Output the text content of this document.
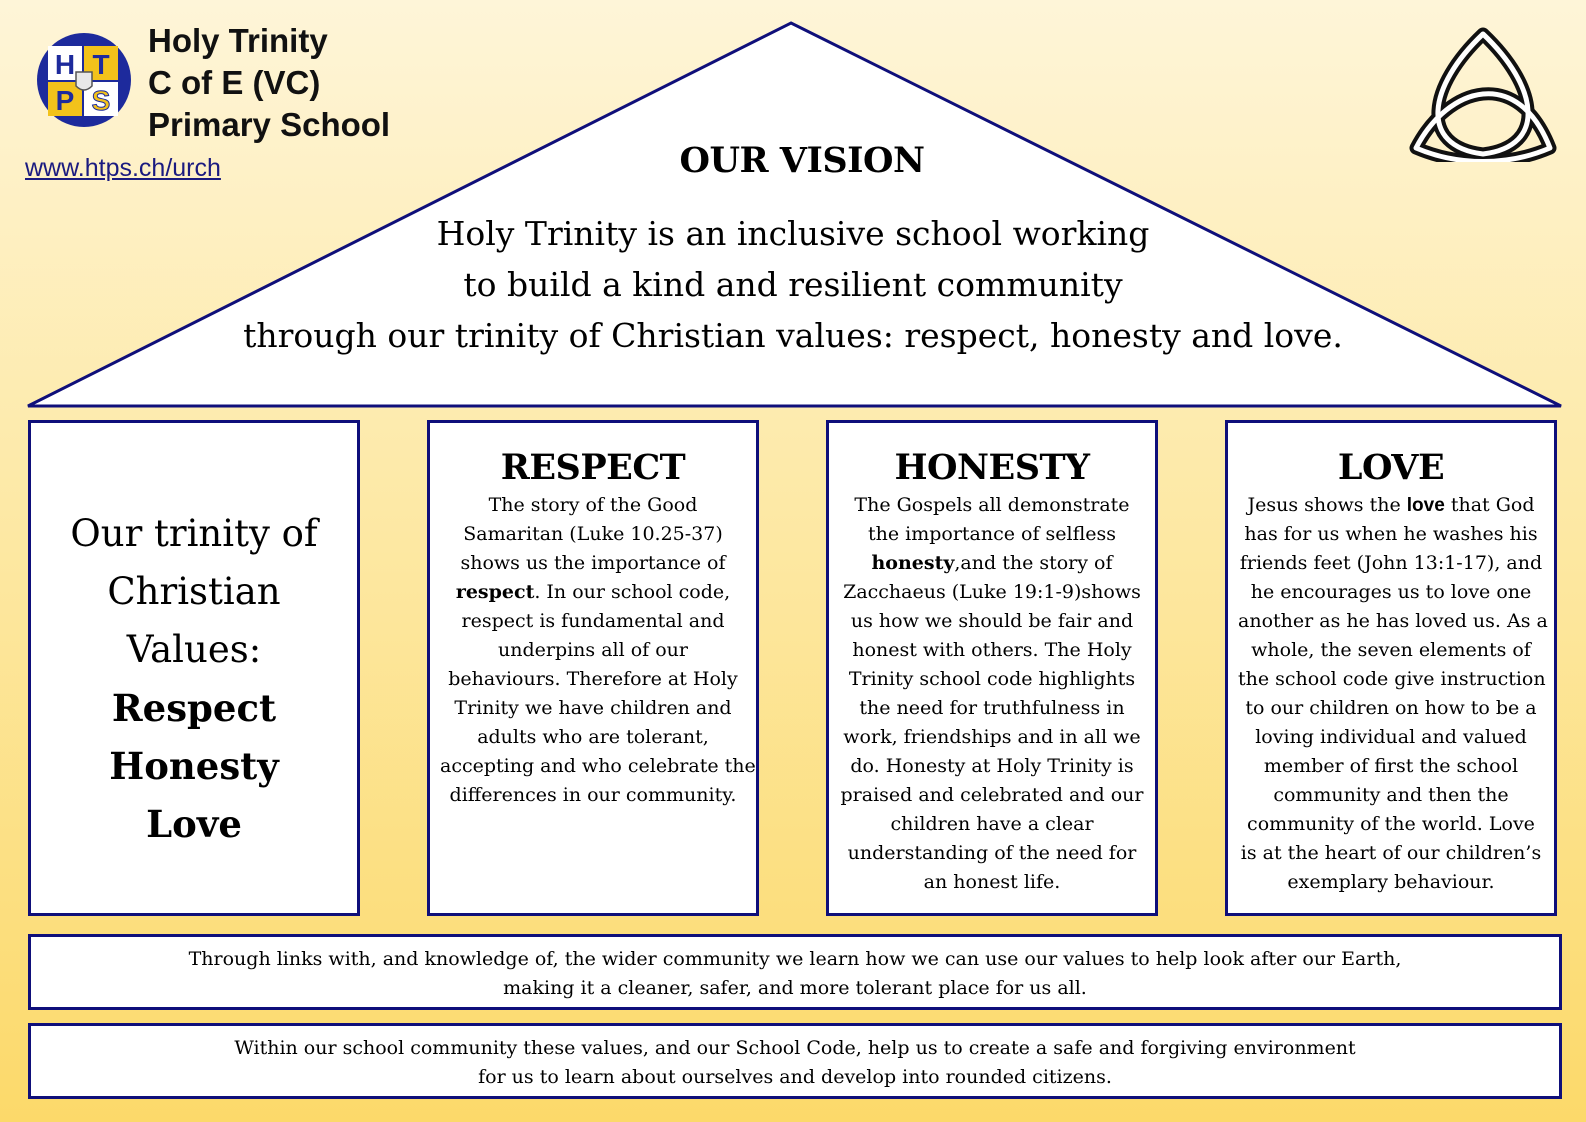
H T
P S
Holy Trinity
C of E (VC)
Primary School
www.htps.ch/urch	OUR VISION
Holy Trinity is an inclusive school working
to build a kind and resilient community
through our trinity of Christian values: respect, honesty and love.
Our trinity of
Christian
Values:
Respect
Honesty
Love
RESPECT
The story of the Good
Samaritan (Luke 10.25-37)
shows us the importance of
respect. In our school code,
respect is fundamental and
underpins all of our
behaviours. Therefore at Holy
Trinity we have children and
adults who are tolerant,
accepting and who celebrate the
differences in our community.
HONESTY
The Gospels all demonstrate
the importance of selfless
honesty,and the story of
Zacchaeus (Luke 19:1-9)shows
us how we should be fair and
honest with others. The Holy
Trinity school code highlights
the need for truthfulness in
work, friendships and in all we
do. Honesty at Holy Trinity is
praised and celebrated and our
children have a clear
understanding of the need for
an honest life.
LOVE
Jesus shows the love that God
has for us when he washes his
friends feet (John 13:1-17), and
he encourages us to love one
another as he has loved us. As a
whole, the seven elements of
the school code give instruction
to our children on how to be a
loving individual and valued
member of first the school
community and then the
community of the world. Love
is at the heart of our children’s
exemplary behaviour.
Through links with, and knowledge of, the wider community we learn how we can use our values to help look after our Earth,
making it a cleaner, safer, and more tolerant place for us all.
Within our school community these values, and our School Code, help us to create a safe and forgiving environment
for us to learn about ourselves and develop into rounded citizens.
